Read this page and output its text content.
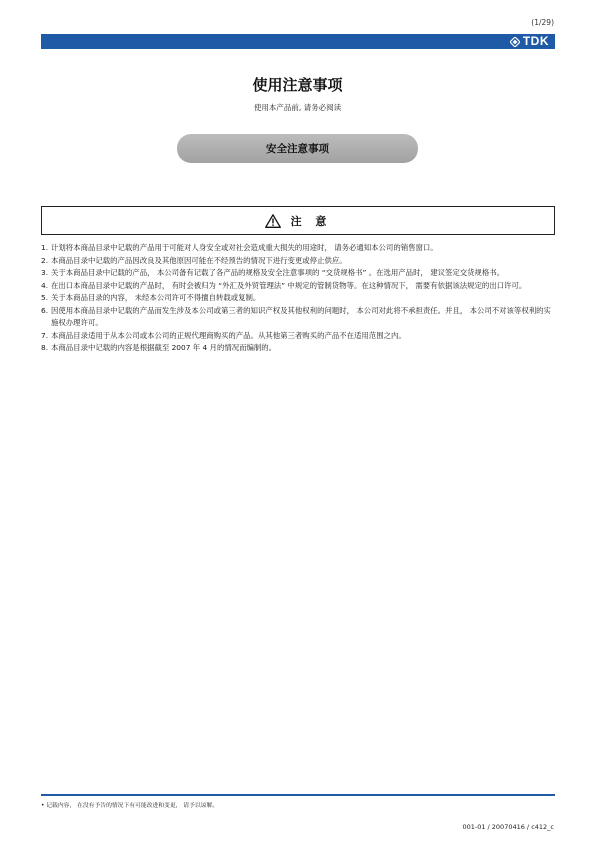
(1/29)
TDK
使用注意事项
使用本产品前, 请务必阅读
安全注意事项
注 意
1. 计划将本商品目录中记载的产品用于可能对人身安全或对社会造成重大损失的用途时， 请务必通知本公司的销售窗口。
2. 本商品目录中记载的产品因改良及其他原因可能在不经预告的情况下进行变更或停止供应。
3. 关于本商品目录中记载的产品， 本公司备有记载了各产品的规格及安全注意事项的 “交货规格书” 。在选用产品时， 建议签定交货规格书。
4. 在出口本商品目录中记载的产品时， 有时会被归为 “外汇及外贸管理法” 中规定的管制货物等。在这种情况下， 需要有依据该法规定的出口许可。
5. 关于本商品目录的内容， 未经本公司许可不得擅自转载或复制。
6. 因使用本商品目录中记载的产品而发生涉及本公司或第三者的知识产权及其他权利的问题时， 本公司对此将不承担责任。并且， 本公司不对该等权利的实施权办理许可。
7. 本商品目录适用于从本公司或本公司的正规代理商购买的产品。从其他第三者购买的产品不在适用范围之内。
8. 本商品目录中记载的内容是根据截至 2007 年 4 月的情况而编制的。
• 记载内容， 在没有予告的情况下有可能改进和变更， 请予以谅解。
001-01 / 20070416 / c412_c
